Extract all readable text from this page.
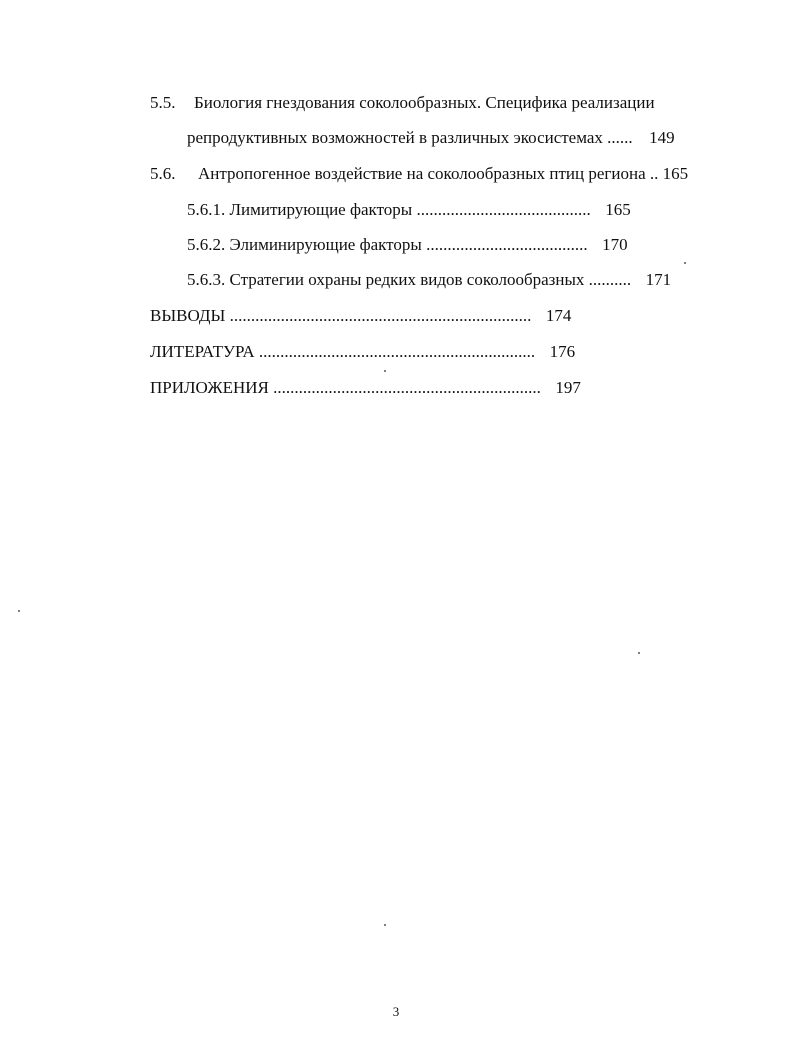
5.5. Биология гнездования соколообразных. Специфика реализации
репродуктивных возможностей в различных экосистемах ...... 149
5.6. Антропогенное воздействие на соколообразных птиц региона .. 165
5.6.1. Лимитирующие факторы ......................................... 165
5.6.2. Элиминирующие факторы ...................................... 170
5.6.3. Стратегии охраны редких видов соколообразных .......... 171
ВЫВОДЫ ....................................................................... 174
ЛИТЕРАТУРА ................................................................. 176
ПРИЛОЖЕНИЯ ............................................................... 197
3
